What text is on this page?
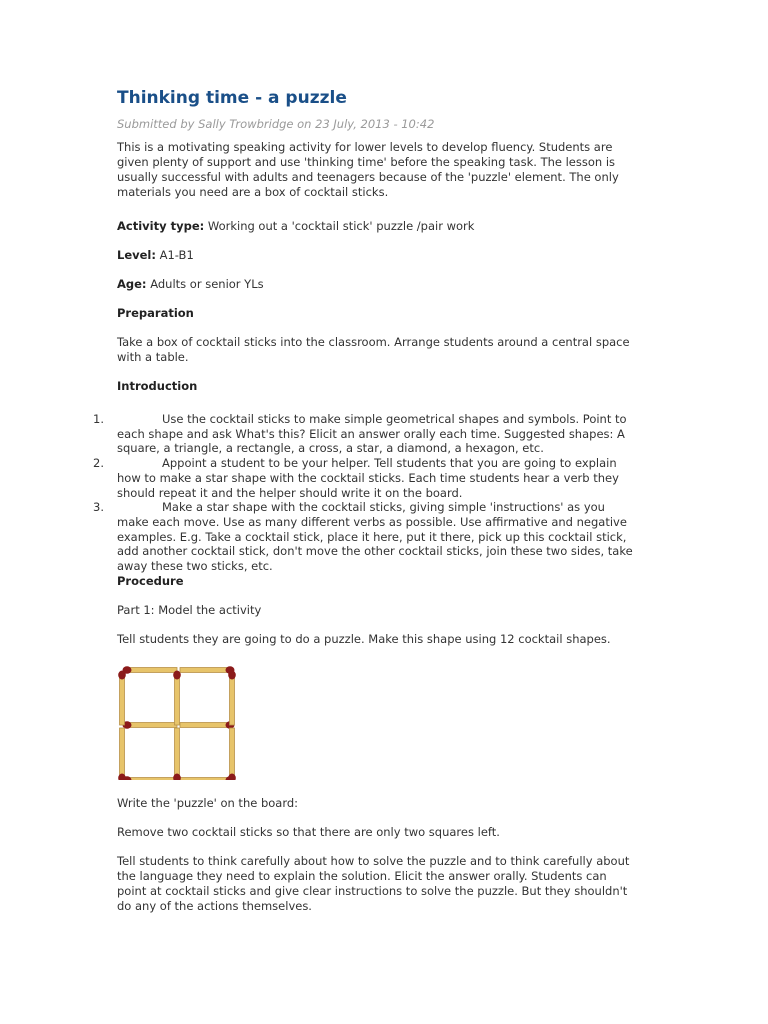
Thinking time - a puzzle
Submitted by Sally Trowbridge on 23 July, 2013 - 10:42

This is a motivating speaking activity for lower levels to develop fluency. Students are given plenty of support and use 'thinking time' before the speaking task. The lesson is usually successful with adults and teenagers because of the 'puzzle' element. The only materials you need are a box of cocktail sticks.

Activity type: Working out a 'cocktail stick' puzzle /pair work

Level: A1-B1

Age: Adults or senior YLs

Preparation

Take a box of cocktail sticks into the classroom. Arrange students around a central space with a table.

Introduction
1.	Use the cocktail sticks to make simple geometrical shapes and symbols. Point to each shape and ask What's this? Elicit an answer orally each time. Suggested shapes: A square, a triangle, a rectangle, a cross, a star, a diamond, a hexagon, etc.
2.	Appoint a student to be your helper. Tell students that you are going to explain how to make a star shape with the cocktail sticks. Each time students hear a verb they should repeat it and the helper should write it on the board.
3.	Make a star shape with the cocktail sticks, giving simple 'instructions' as you make each move. Use as many different verbs as possible. Use affirmative and negative examples. E.g. Take a cocktail stick, place it here, put it there, pick up this cocktail stick, add another cocktail stick, don't move the other cocktail sticks, join these two sides, take away these two sticks, etc.
Procedure

Part 1: Model the activity

Tell students they are going to do a puzzle. Make this shape using 12 cocktail shapes.

Write the 'puzzle' on the board:

Remove two cocktail sticks so that there are only two squares left.

Tell students to think carefully about how to solve the puzzle and to think carefully about the language they need to explain the solution. Elicit the answer orally. Students can point at cocktail sticks and give clear instructions to solve the puzzle. But they shouldn't do any of the actions themselves.
